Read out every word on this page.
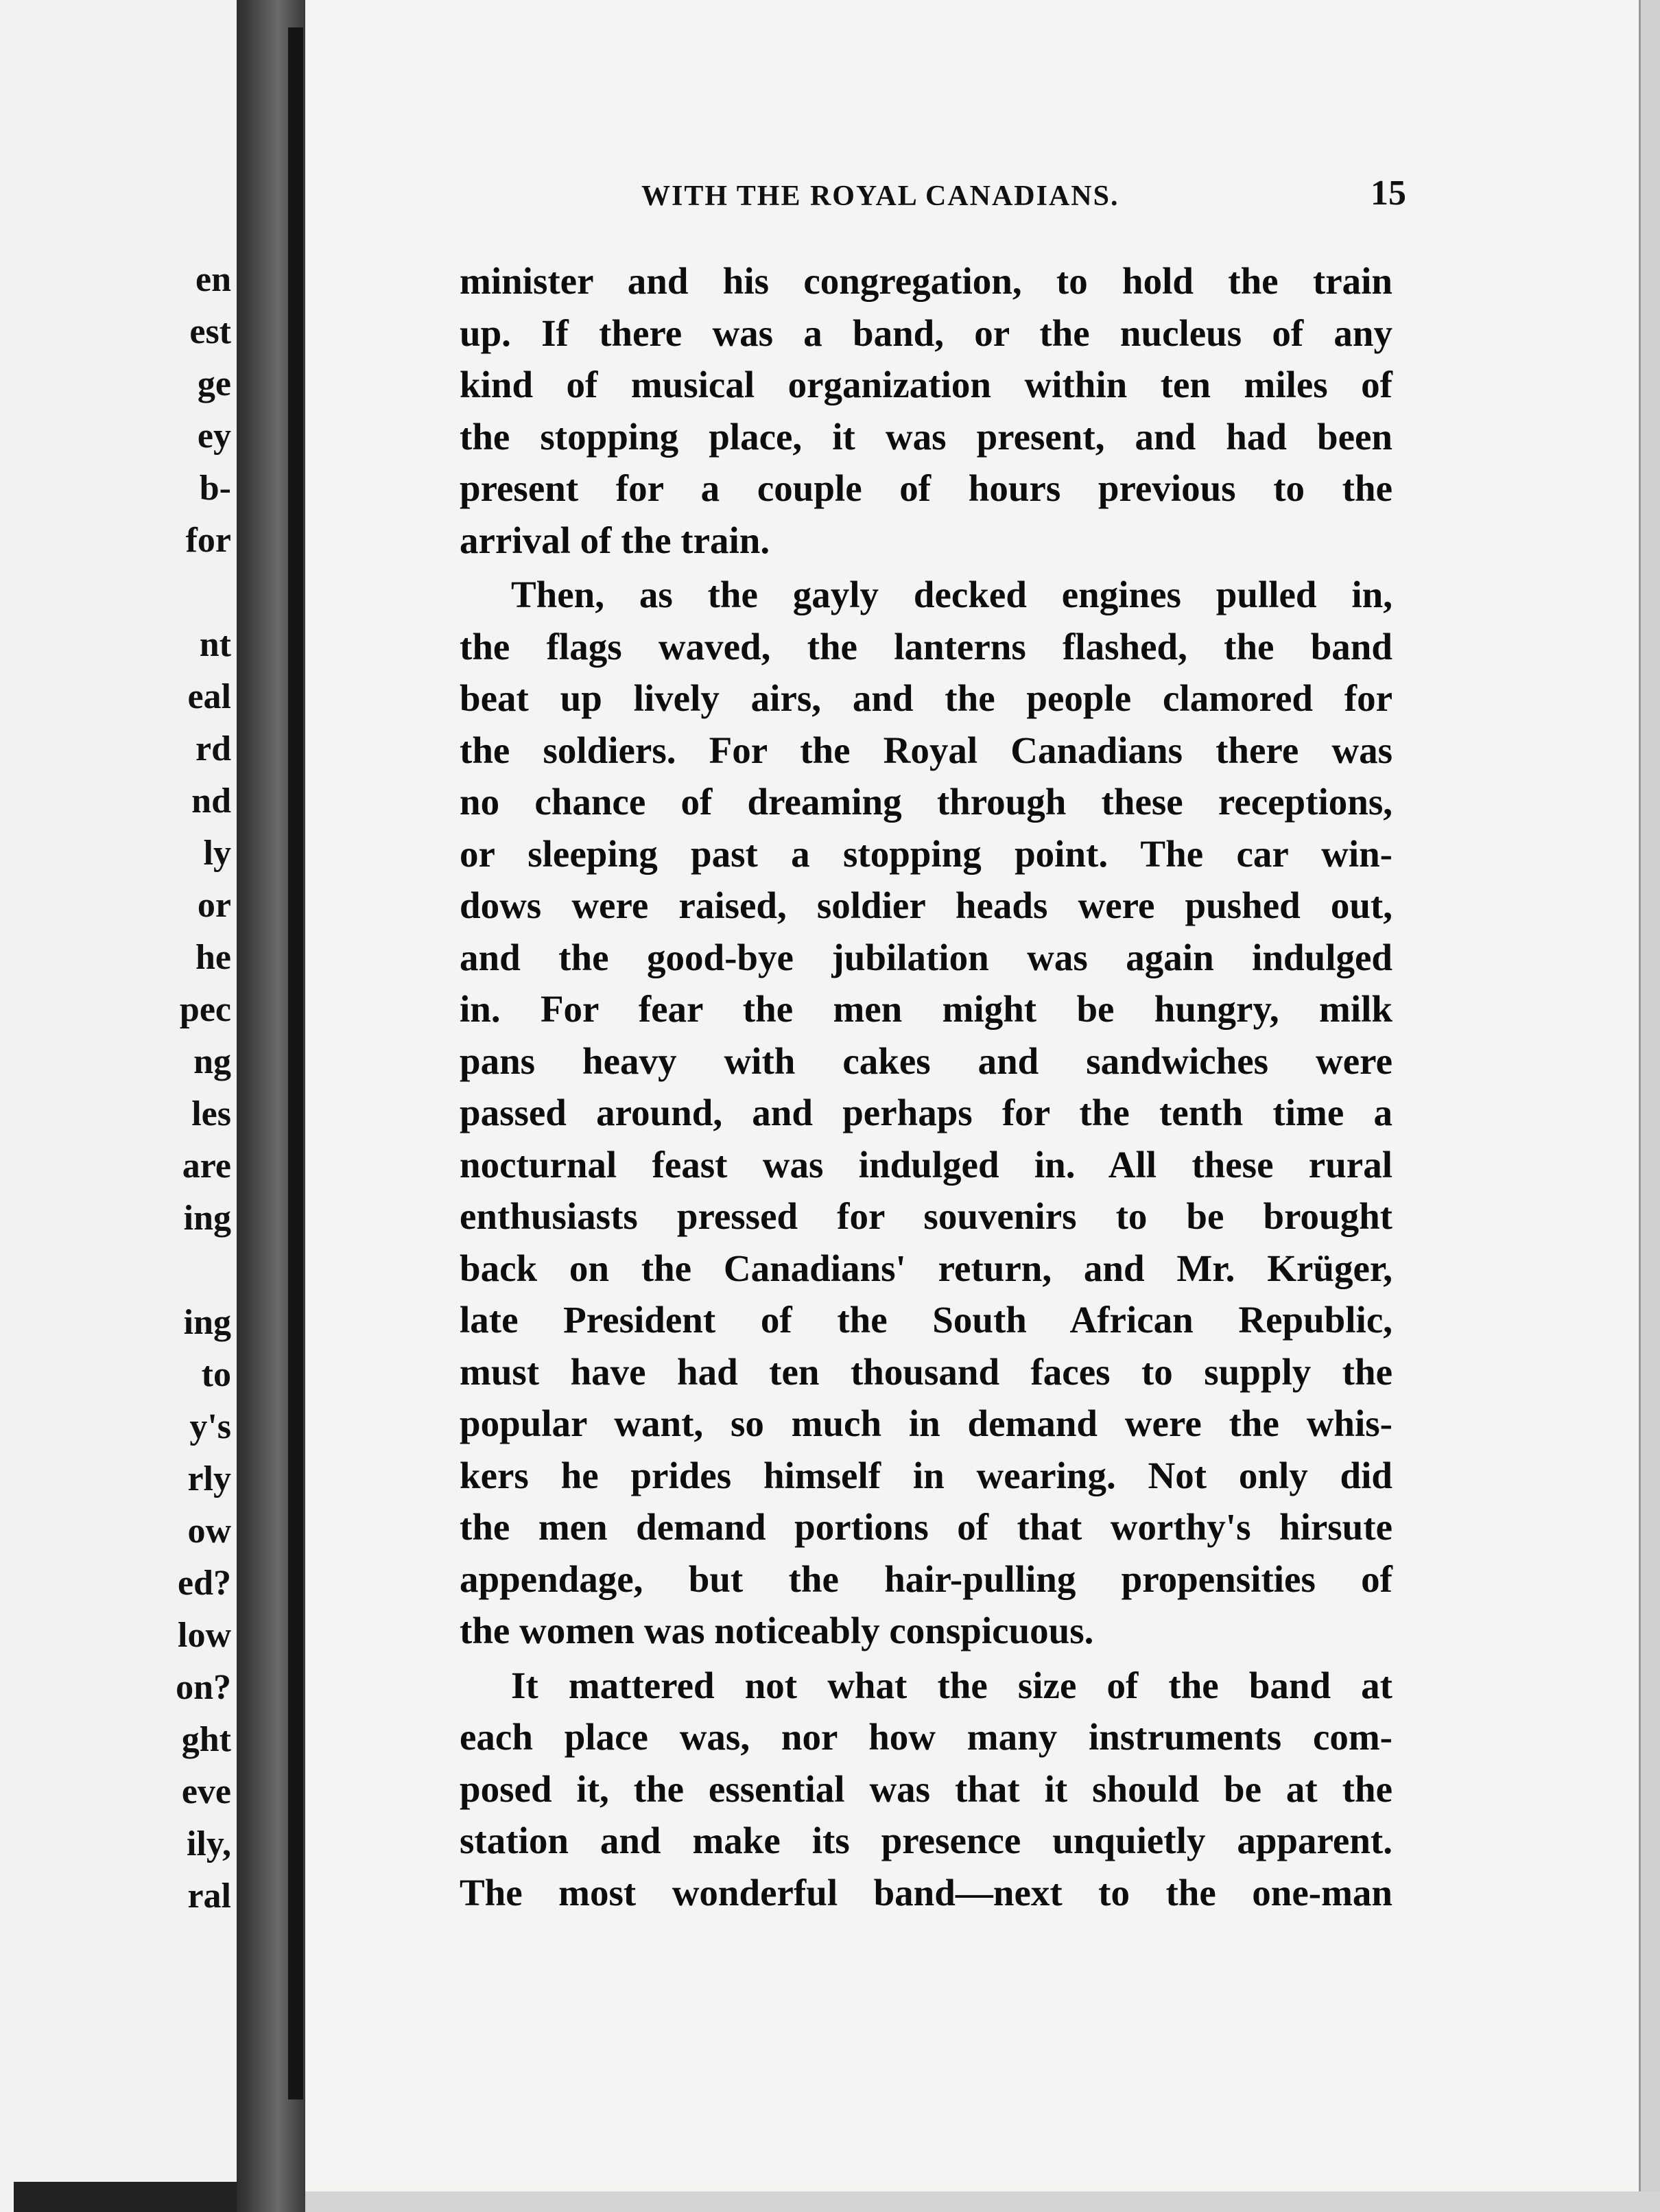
en
est
ge
ey
b-
for
nt
eal
rd
nd
ly
or
he
pec
ng
les
are
ing
ing
to
y's
rly
ow
ed?
low
on?
ght
eve
ily,
ral
WITH THE ROYAL CANADIANS.	15
minister and his congregation, to hold the train
up. If there was a band, or the nucleus of any
kind of musical organization within ten miles of
the stopping place, it was present, and had been
present for a couple of hours previous to the
arrival of the train.
Then, as the gayly decked engines pulled in,
the flags waved, the lanterns flashed, the band
beat up lively airs, and the people clamored for
the soldiers. For the Royal Canadians there was
no chance of dreaming through these receptions,
or sleeping past a stopping point. The car win-
dows were raised, soldier heads were pushed out,
and the good-bye jubilation was again indulged
in. For fear the men might be hungry, milk
pans heavy with cakes and sandwiches were
passed around, and perhaps for the tenth time a
nocturnal feast was indulged in. All these rural
enthusiasts pressed for souvenirs to be brought
back on the Canadians' return, and Mr. Krüger,
late President of the South African Republic,
must have had ten thousand faces to supply the
popular want, so much in demand were the whis-
kers he prides himself in wearing. Not only did
the men demand portions of that worthy's hirsute
appendage, but the hair-pulling propensities of
the women was noticeably conspicuous.
It mattered not what the size of the band at
each place was, nor how many instruments com-
posed it, the essential was that it should be at the
station and make its presence unquietly apparent.
The most wonderful band—next to the one-man
